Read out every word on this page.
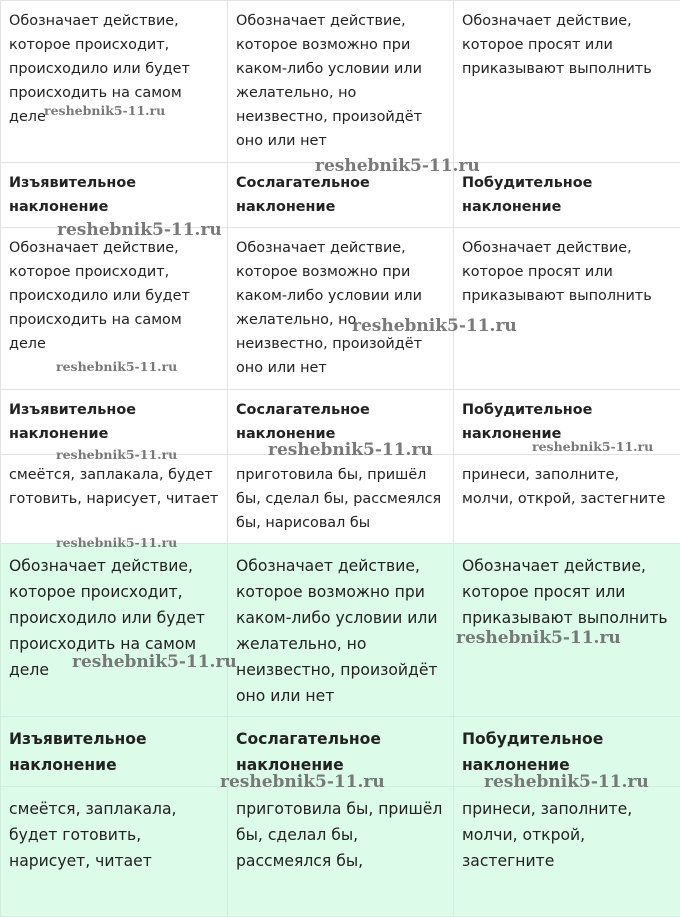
Обозначает действие, которое происходит, происходило или будет происходить на самом деле	Обозначает действие, которое возможно при каком-либо условии или желательно, но неизвестно, произойдёт оно или нет	Обозначает действие, которое просят или приказывают выполнить
Изъявительное наклонение	Сослагательное наклонение	Побудительное наклонение
Обозначает действие, которое происходит, происходило или будет происходить на самом деле	Обозначает действие, которое возможно при каком-либо условии или желательно, но неизвестно, произойдёт оно или нет	Обозначает действие, которое просят или приказывают выполнить
Изъявительное наклонение	Сослагательное наклонение	Побудительное наклонение
смеётся, заплакала, будет готовить, нарисует, читает	приготовила бы, пришёл бы, сделал бы, рассмеялся бы, нарисовал бы	принеси, заполните, молчи, открой, застегните
Обозначает действие, которое происходит, происходило или будет происходить на самом деле	Обозначает действие, которое возможно при каком-либо условии или желательно, но неизвестно, произойдёт оно или нет	Обозначает действие, которое просят или приказывают выполнить
Изъявительное наклонение	Сослагательное наклонение	Побудительное наклонение
смеётся, заплакала, будет готовить, нарисует, читает	приготовила бы, пришёл бы, сделал бы, рассмеялся бы,	принеси, заполните, молчи, открой, застегните
reshebnik5-11.ru
reshebnik5-11.ru
reshebnik5-11.ru
reshebnik5-11.ru
reshebnik5-11.ru
reshebnik5-11.ru	reshebnik5-11.ru	reshebnik5-11.ru
reshebnik5-11.ru
reshebnik5-11.ru
reshebnik5-11.ru
reshebnik5-11.ru	reshebnik5-11.ru
